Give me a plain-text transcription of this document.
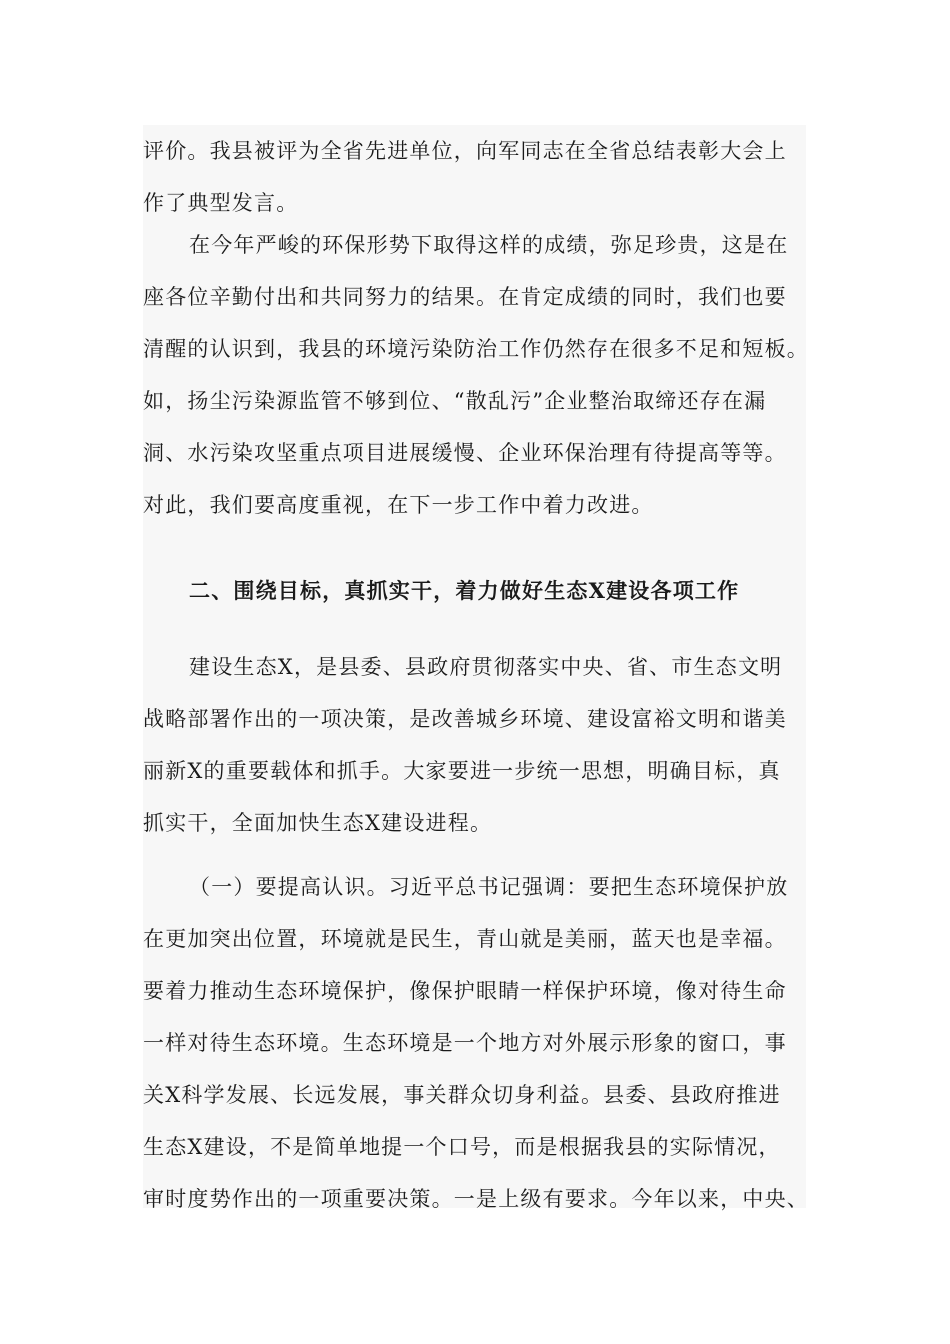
评价。我县被评为全省先进单位，向军同志在全省总结表彰大会上
作了典型发言。
在今年严峻的环保形势下取得这样的成绩，弥足珍贵，这是在
座各位辛勤付出和共同努力的结果。在肯定成绩的同时，我们也要
清醒的认识到，我县的环境污染防治工作仍然存在很多不足和短板。
如，扬尘污染源监管不够到位、“散乱污”企业整治取缔还存在漏
洞、水污染攻坚重点项目进展缓慢、企业环保治理有待提高等等。
对此，我们要高度重视，在下一步工作中着力改进。
二、围绕目标，真抓实干，着力做好生态X建设各项工作
建设生态X，是县委、县政府贯彻落实中央、省、市生态文明
战略部署作出的一项决策，是改善城乡环境、建设富裕文明和谐美
丽新X的重要载体和抓手。大家要进一步统一思想，明确目标，真
抓实干，全面加快生态X建设进程。
（一）要提高认识。习近平总书记强调：要把生态环境保护放
在更加突出位置，环境就是民生，青山就是美丽，蓝天也是幸福。
要着力推动生态环境保护，像保护眼睛一样保护环境，像对待生命
一样对待生态环境。生态环境是一个地方对外展示形象的窗口，事
关X科学发展、长远发展，事关群众切身利益。县委、县政府推进
生态X建设，不是简单地提一个口号，而是根据我县的实际情况，
审时度势作出的一项重要决策。一是上级有要求。今年以来，中央、
